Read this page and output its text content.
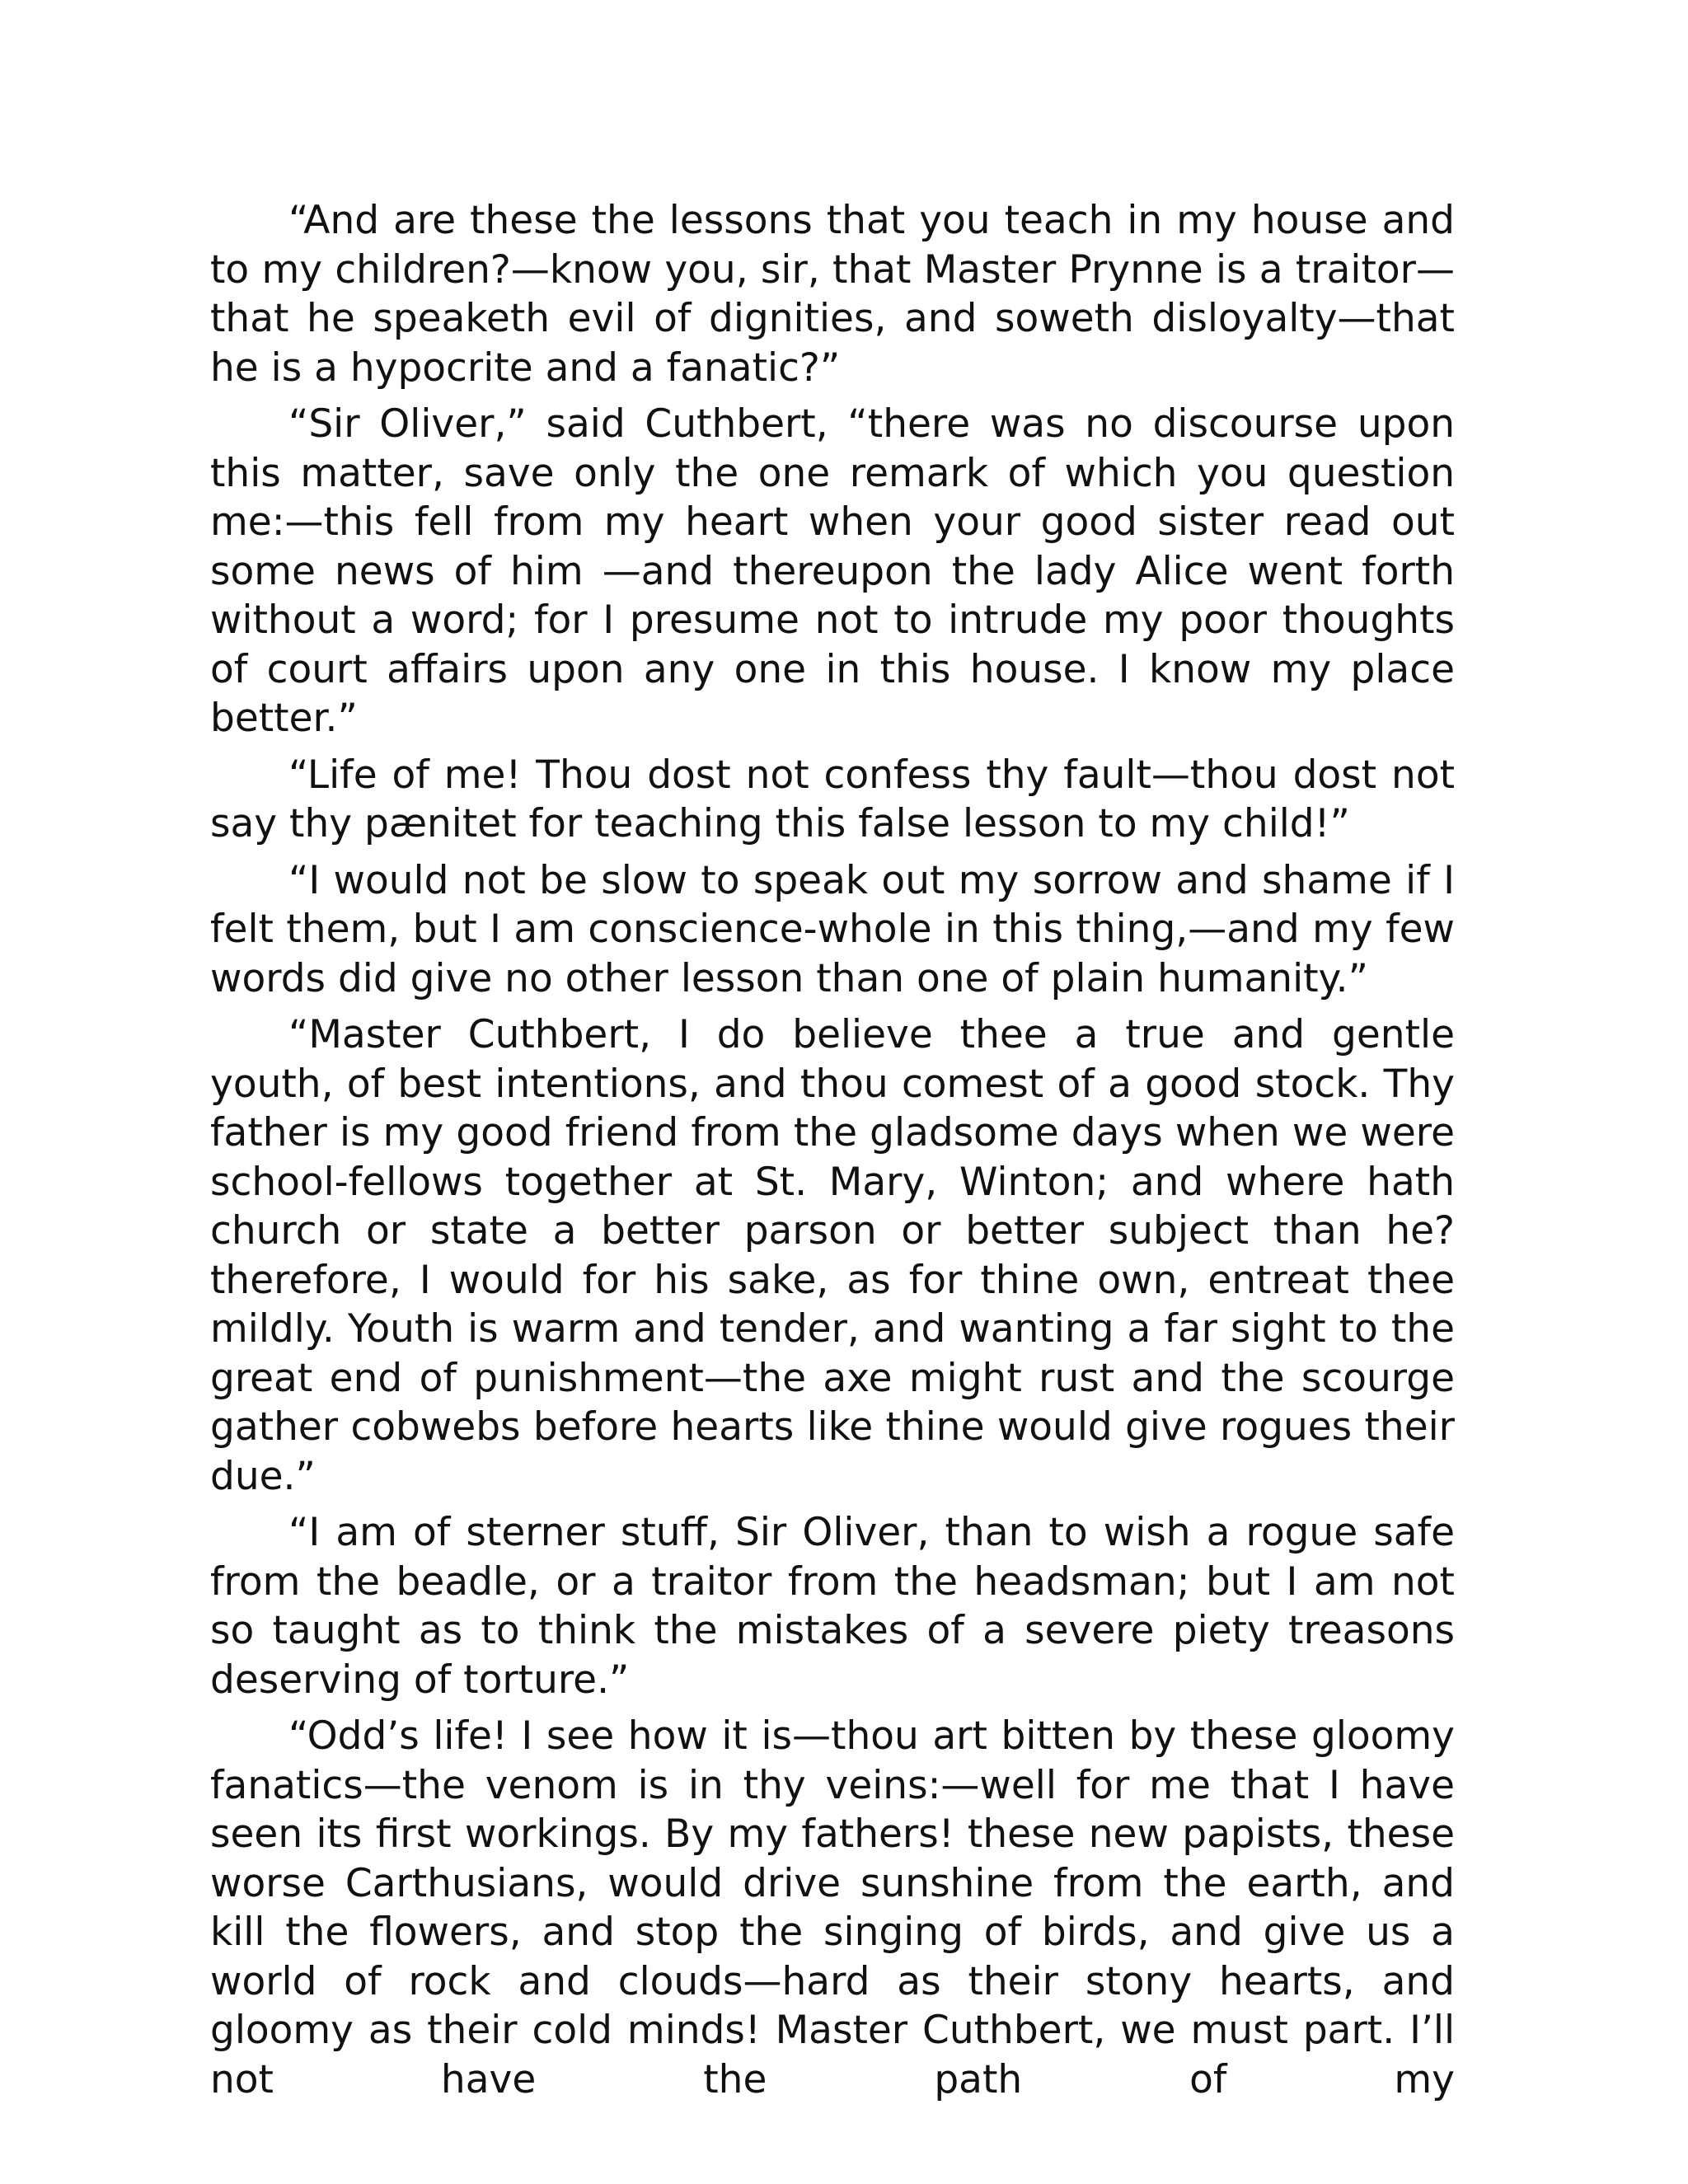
“And are these the lessons that you teach in my house and to my children?—know you, sir, that Master Prynne is a traitor—that he speaketh evil of dignities, and soweth disloyalty—that he is a hypocrite and a fanatic?”

“Sir Oliver,” said Cuthbert, “there was no discourse upon this matter, save only the one remark of which you question me:—this fell from my heart when your good sister read out some news of him —and thereupon the lady Alice went forth without a word; for I presume not to intrude my poor thoughts of court affairs upon any one in this house. I know my place better.”

“Life of me! Thou dost not confess thy fault—thou dost not say thy pænitet for teaching this false lesson to my child!”

“I would not be slow to speak out my sorrow and shame if I felt them, but I am conscience-whole in this thing,—and my few words did give no other lesson than one of plain humanity.”

“Master Cuthbert, I do believe thee a true and gentle youth, of best intentions, and thou comest of a good stock. Thy father is my good friend from the gladsome days when we were school-fellows together at St. Mary, Winton; and where hath church or state a better parson or better subject than he? therefore, I would for his sake, as for thine own, entreat thee mildly. Youth is warm and tender, and wanting a far sight to the great end of punishment—the axe might rust and the scourge gather cobwebs before hearts like thine would give rogues their due.”

“I am of sterner stuff, Sir Oliver, than to wish a rogue safe from the beadle, or a traitor from the headsman; but I am not so taught as to think the mistakes of a severe piety treasons deserving of torture.”

“Odd’s life! I see how it is—thou art bitten by these gloomy fanatics—the venom is in thy veins:—well for me that I have seen its first workings. By my fathers! these new papists, these worse Carthusians, would drive sunshine from the earth, and kill the flowers, and stop the singing of birds, and give us a world of rock and clouds—hard as their stony hearts, and gloomy as their cold minds! Master Cuthbert, we must part. I’ll not have the path of my
